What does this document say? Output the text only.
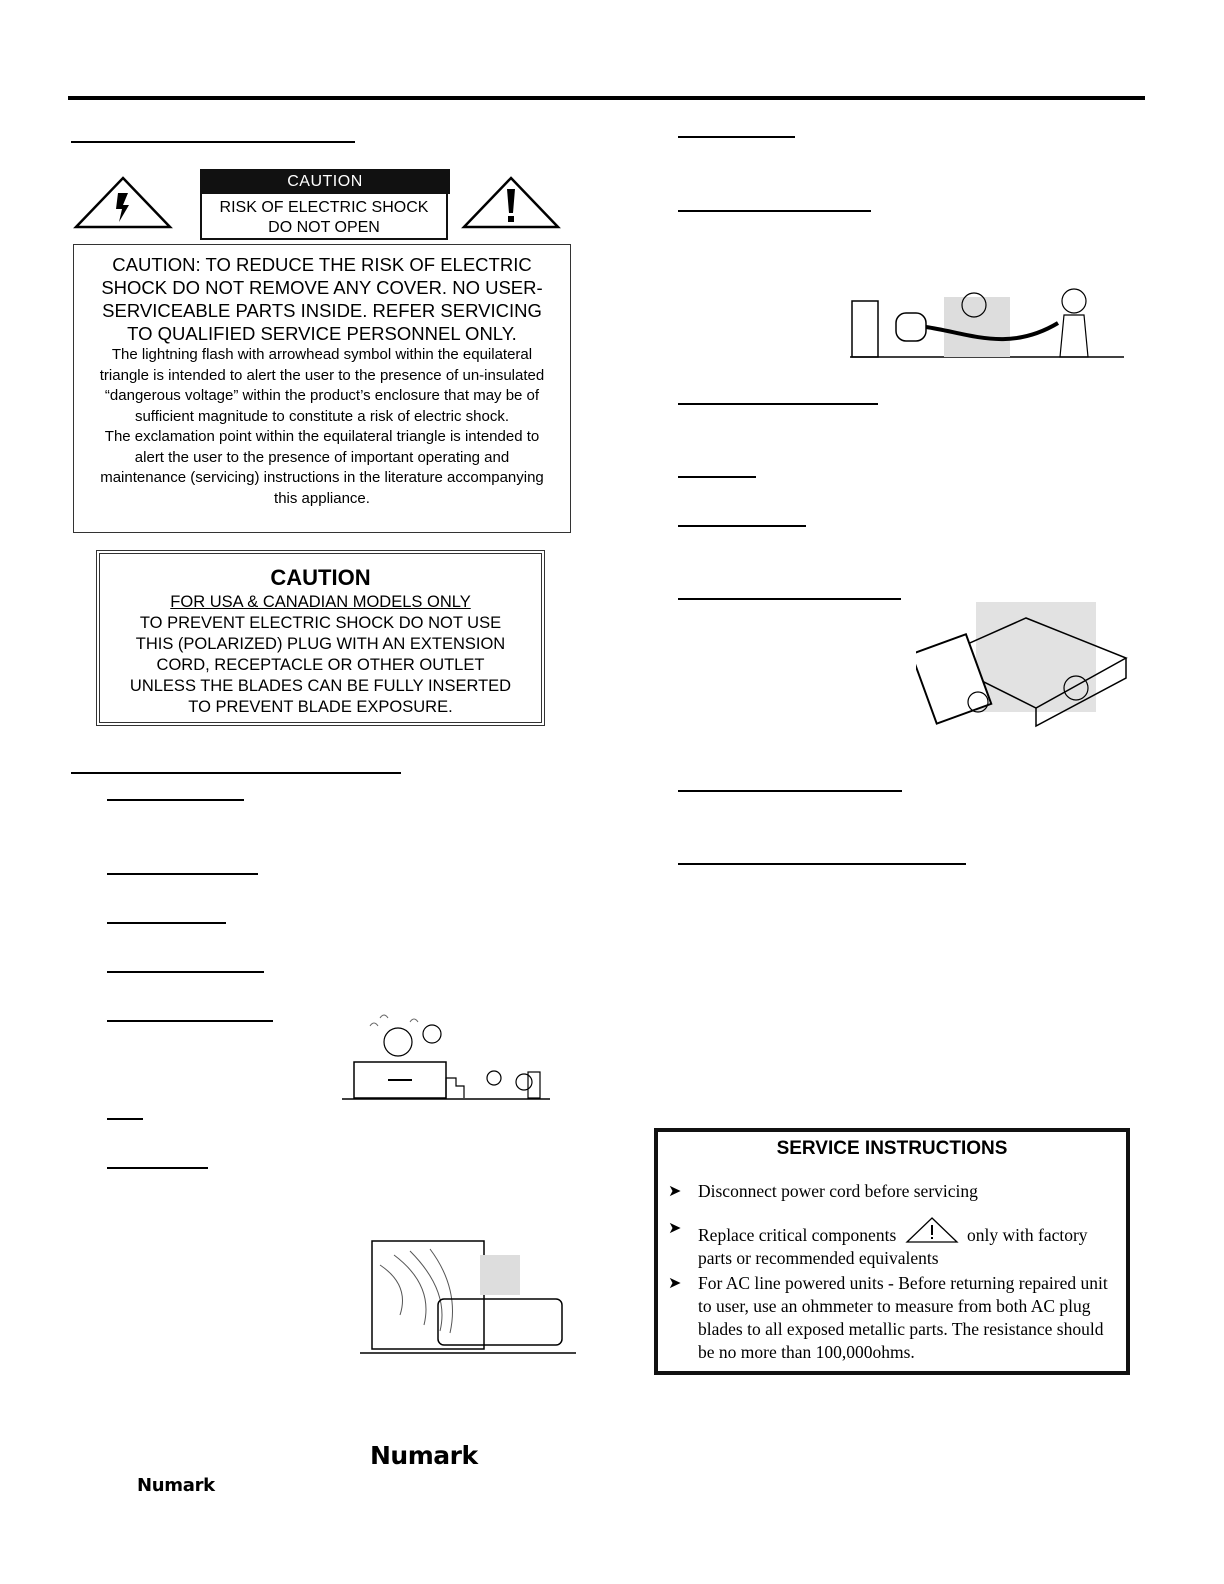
CAUTION
RISK OF ELECTRIC SHOCK
DO NOT OPEN
CAUTION: TO REDUCE THE RISK OF ELECTRIC SHOCK DO NOT REMOVE ANY COVER. NO USER-SERVICEABLE PARTS INSIDE. REFER SERVICING TO QUALIFIED SERVICE PERSONNEL ONLY.
The lightning flash with arrowhead symbol within the equilateral triangle is intended to alert the user to the presence of un-insulated “dangerous voltage” within the product’s enclosure that may be of sufficient magnitude to constitute a risk of electric shock.
The exclamation point within the equilateral triangle is intended to alert the user to the presence of important operating and maintenance (servicing) instructions in the literature accompanying this appliance.
CAUTION
FOR USA & CANADIAN MODELS ONLY
TO PREVENT ELECTRIC SHOCK DO NOT USE
THIS (POLARIZED) PLUG WITH AN EXTENSION
CORD, RECEPTACLE OR OTHER OUTLET
UNLESS THE BLADES CAN BE FULLY INSERTED
TO PREVENT BLADE EXPOSURE.
SERVICE INSTRUCTIONS
➤ Disconnect power cord before servicing
➤ Replace critical components	only with factory parts or recommended equivalents
➤ For AC line powered units - Before returning repaired unit to user, use an ohmmeter to measure from both AC plug blades to all exposed metallic parts. The resistance should be no more than 100,000ohms.
Numark
Numark
